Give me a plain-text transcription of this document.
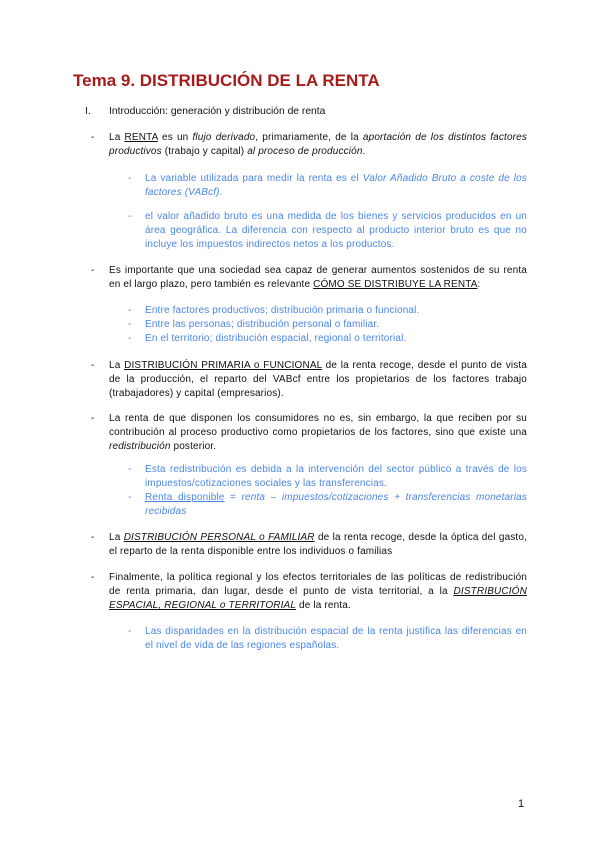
Tema 9. DISTRIBUCIÓN DE LA RENTA
I. Introducción: generación y distribución de renta
- La RENTA es un flujo derivado, primariamente, de la aportación de los distintos factores productivos (trabajo y capital) al proceso de producción.
- La variable utilizada para medir la renta es el Valor Añadido Bruto a coste de los factores (VABcf).
- el valor añadido bruto es una medida de los bienes y servicios producidos en un área geográfica. La diferencia con respecto al producto interior bruto es que no incluye los impuestos indirectos netos a los productos.
- Es importante que una sociedad sea capaz de generar aumentos sostenidos de su renta en el largo plazo, pero también es relevante CÓMO SE DISTRIBUYE LA RENTA:
- Entre factores productivos; distribución primaria o funcional.
- Entre las personas; distribución personal o familiar.
- En el territorio; distribución espacial, regional o territorial.
- La DISTRIBUCIÓN PRIMARIA o FUNCIONAL de la renta recoge, desde el punto de vista de la producción, el reparto del VABcf entre los propietarios de los factores trabajo (trabajadores) y capital (empresarios).
- La renta de que disponen los consumidores no es, sin embargo, la que reciben por su contribución al proceso productivo como propietarios de los factores, sino que existe una redistribución posterior.
- Esta redistribución es debida a la intervención del sector público a través de los impuestos/cotizaciones sociales y las transferencias.
- Renta disponible = renta – impuestos/cotizaciones + transferencias monetarias recibidas
- La DISTRIBUCIÓN PERSONAL o FAMILIAR de la renta recoge, desde la óptica del gasto, el reparto de la renta disponible entre los individuos o familias
- Finalmente, la política regional y los efectos territoriales de las políticas de redistribución de renta primaria, dan lugar, desde el punto de vista territorial, a la DISTRIBUCIÓN ESPACIAL, REGIONAL o TERRITORIAL de la renta.
- Las disparidades en la distribución espacial de la renta justifica las diferencias en el nivel de vida de las regiones españolas.
1
